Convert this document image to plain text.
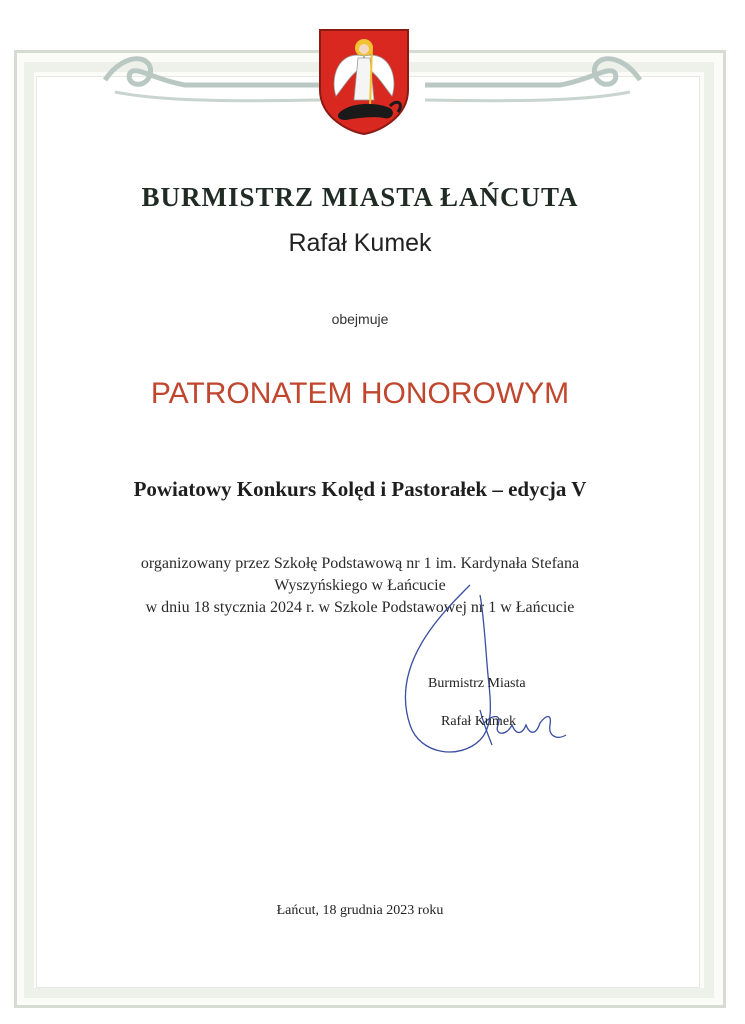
BURMISTRZ MIASTA ŁAŃCUTA
Rafał Kumek
obejmuje
PATRONATEM HONOROWYM
Powiatowy Konkurs Kolęd i Pastorałek – edycja V
organizowany przez Szkołę Podstawową nr 1 im. Kardynała Stefana
Wyszyńskiego w Łańcucie
w dniu 18 stycznia 2024 r. w Szkole Podstawowej nr 1 w Łańcucie
Burmistrz Miasta
Rafał Kumek
Łańcut, 18 grudnia 2023 roku
